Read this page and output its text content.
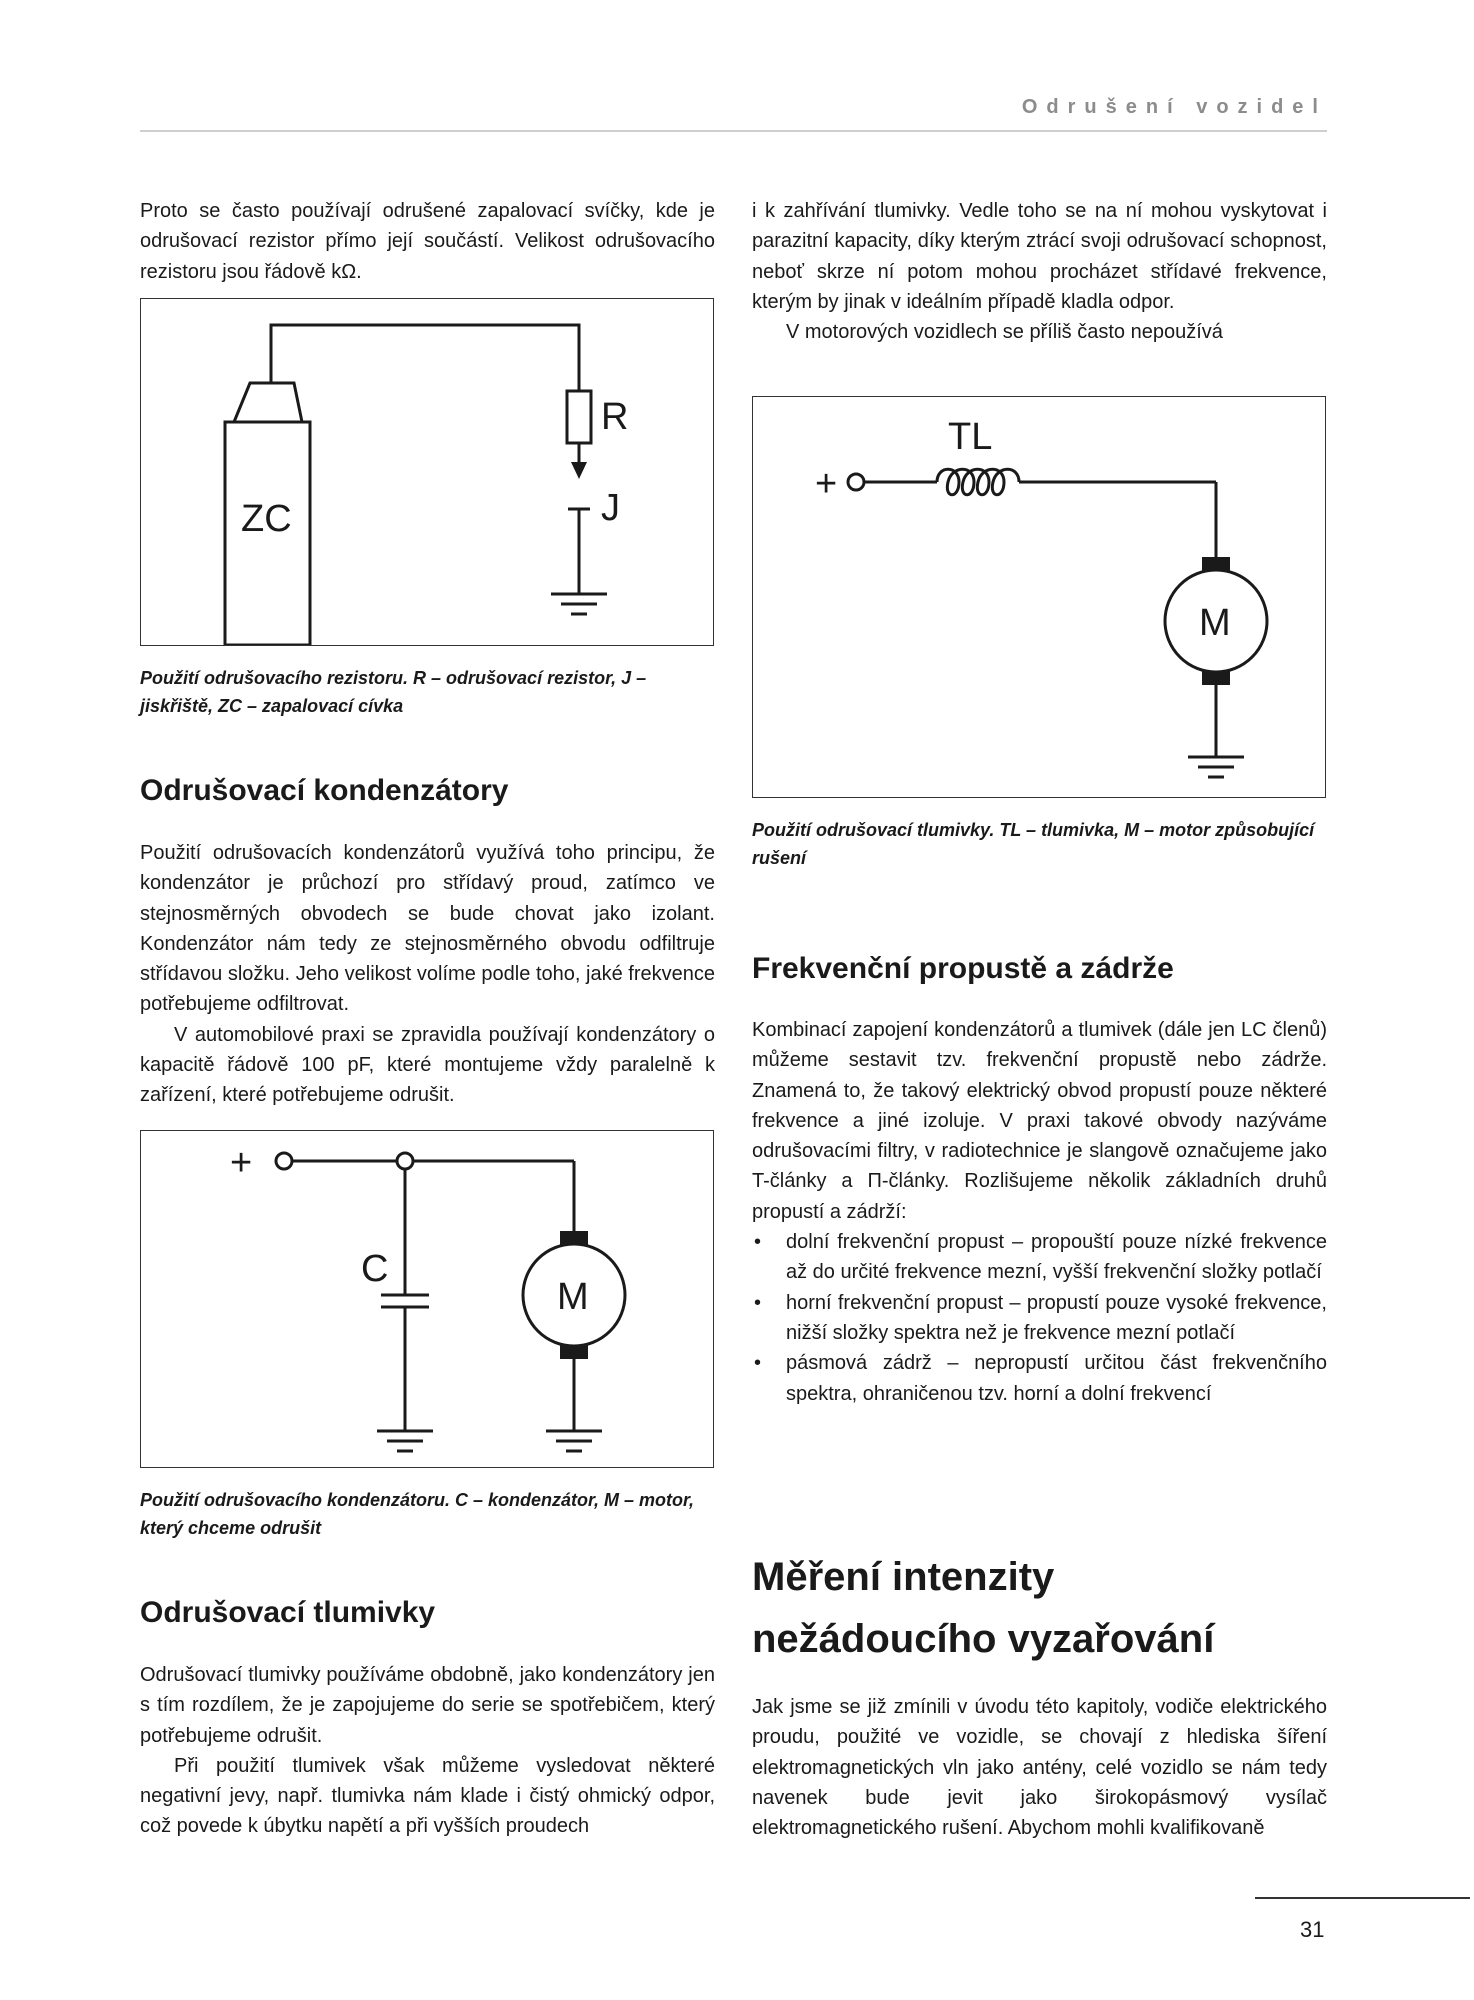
Odrušení vozidel

Proto se často používají odrušené zapalovací svíčky, kde je odrušovací rezistor přímo její součástí. Velikost odrušovacího rezistoru jsou řádově kΩ.

ZC
R
J

Použití odrušovacího rezistoru. R – odrušovací rezistor, J – jiskřiště, ZC – zapalovací cívka

Odrušovací kondenzátory

Použití odrušovacích kondenzátorů využívá toho principu, že kondenzátor je průchozí pro střídavý proud, zatímco ve stejnosměrných obvodech se bude chovat jako izolant. Kondenzátor nám tedy ze stejnosměrného obvodu odfiltruje střídavou složku. Jeho velikost volíme podle toho, jaké frekvence potřebujeme odfiltrovat.

V automobilové praxi se zpravidla používají kondenzátory o kapacitě řádově 100 pF, které montujeme vždy paralelně k zařízení, které potřebujeme odrušit.

+
C
M

Použití odrušovacího kondenzátoru. C – kondenzátor, M – motor, který chceme odrušit

Odrušovací tlumivky

Odrušovací tlumivky používáme obdobně, jako kondenzátory jen s tím rozdílem, že je zapojujeme do serie se spotřebičem, který potřebujeme odrušit.

Při použití tlumivek však můžeme vysledovat některé negativní jevy, např. tlumivka nám klade i čistý ohmický odpor, což povede k úbytku napětí a při vyšších proudech

i k zahřívání tlumivky. Vedle toho se na ní mohou vyskytovat i parazitní kapacity, díky kterým ztrácí svoji odrušovací schopnost, neboť skrze ní potom mohou procházet střídavé frekvence, kterým by jinak v ideálním případě kladla odpor.

V motorových vozidlech se příliš často nepoužívá

+
TL
M

Použití odrušovací tlumivky. TL – tlumivka, M – motor způsobující rušení

Frekvenční propustě a zádrže

Kombinací zapojení kondenzátorů a tlumivek (dále jen LC členů) můžeme sestavit tzv. frekvenční propustě nebo zádrže. Znamená to, že takový elektrický obvod propustí pouze některé frekvence a jiné izoluje. V praxi takové obvody nazýváme odrušovacími filtry, v radiotechnice je slangově označujeme jako T-články a Π-články. Rozlišujeme několik základních druhů propustí a zádrží:

• dolní frekvenční propust – propouští pouze nízké frekvence až do určité frekvence mezní, vyšší frekvenční složky potlačí
• horní frekvenční propust – propustí pouze vysoké frekvence, nižší složky spektra než je frekvence mezní potlačí
• pásmová zádrž – nepropustí určitou část frekvenčního spektra, ohraničenou tzv. horní a dolní frekvencí
Měření intenzity
nežádoucího vyzařování

Jak jsme se již zmínili v úvodu této kapitoly, vodiče elektrického proudu, použité ve vozidle, se chovají z hlediska šíření elektromagnetických vln jako antény, celé vozidlo se nám tedy navenek bude jevit jako širokopásmový vysílač elektromagnetického rušení. Abychom mohli kvalifikovaně

31
